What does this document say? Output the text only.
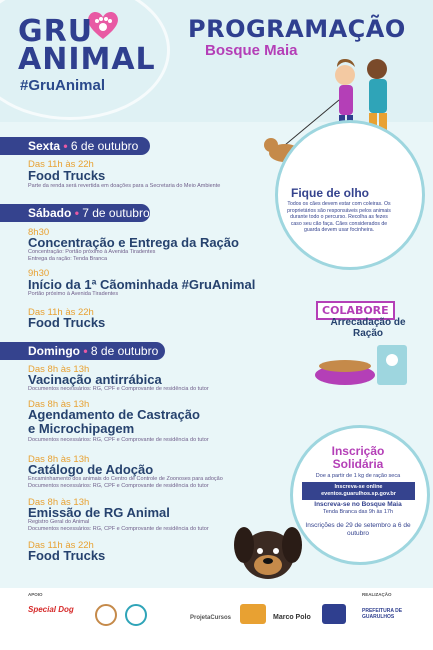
GRU
ANIMAL
#GruAnimal
PROGRAMAÇÃO
Bosque Maia
Fique de olho
Todos os cães devem estar com coleiras. Os proprietários são responsáveis pelos animais durante todo o percurso. Recolha as fezes caso seu cão faça. Cães considerados de guarda devem usar focinheira.
Sexta • 6 de outubro
Das 11h às 22h
Food Trucks
Parte da renda será revertida em doações para a Secretaria do Meio Ambiente
Sábado • 7 de outubro
8h30
Concentração e Entrega da Ração
Concentração: Portão próximo à Avenida Tiradentes
Entrega da ração: Tenda Branca
9h30
Início da 1ª Cãominhada #GruAnimal
Portão próximo à Avenida Tiradentes
Das 11h às 22h
Food Trucks
COLABORE
Arrecadação de Ração
Domingo • 8 de outubro
Das 8h às 13h
Vacinação antirrábica
Documentos necessários: RG, CPF e Comprovante de residência do tutor
Das 8h às 13h
Agendamento de Castração
e Microchipagem
Documentos necessários: RG, CPF e Comprovante de residência do tutor
Das 8h às 13h
Catálogo de Adoção
Encaminhamento dos animais do Centro de Controle de Zoonoses para adoção
Documentos necessários: RG, CPF e Comprovante de residência do tutor
Das 8h às 13h
Emissão de RG Animal
Registro Geral do Animal
Documentos necessários: RG, CPF e Comprovante de residência do tutor
Das 11h às 22h
Food Trucks
Inscrição Solidária
Doe a partir de 1 kg de ração seca
Inscreva-se online eventos.guarulhos.sp.gov.br
Inscreva-se no Bosque Maia
Tenda Branca das 9h às 17h
Inscrições de 29 de setembro a 6 de outubro
APOIO	REALIZAÇÃO
Special Dog
ProjetaCursos	Marco Polo
PREFEITURA DE GUARULHOS
